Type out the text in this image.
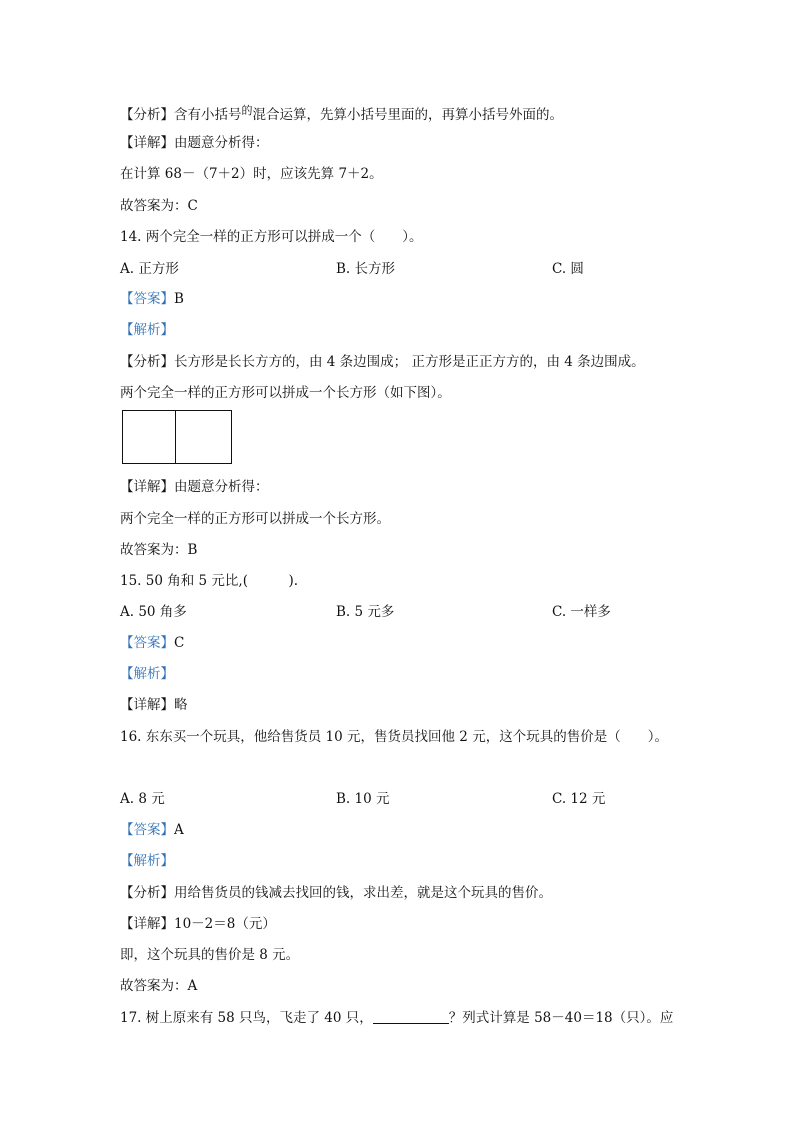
【分析】含有小括号$^的$混合运算，先算小括号里面的，再算小括号外面的。
【详解】由题意分析得：
在计算 68－（7＋2）时，应该先算 7＋2。
故答案为：C
14. 两个完全一样的正方形可以拼成一个（　　）。
A. 正方形	B. 长方形	C. 圆
【答案】B
【解析】
【分析】长方形是长长方方的，由 4 条边围成； 正方形是正正方方的，由 4 条边围成。
两个完全一样的正方形可以拼成一个长方形（如下图）。
【详解】由题意分析得：
两个完全一样的正方形可以拼成一个长方形。
故答案为：B
15. 50 角和 5 元比,(　　　).
A. 50 角多	B. 5 元多	C. 一样多
【答案】C
【解析】
【详解】略
16. 东东买一个玩具，他给售货员 10 元，售货员找回他 2 元，这个玩具的售价是（　　）。
A. 8 元	B. 10 元	C. 12 元
【答案】A
【解析】
【分析】用给售货员的钱减去找回的钱，求出差，就是这个玩具的售价。
【详解】10－2＝8（元）
即，这个玩具的售价是 8 元。
故答案为：A
17. 树上原来有 58 只鸟，飞走了 40 只，	？列式计算是 58－40＝18（只）。应
